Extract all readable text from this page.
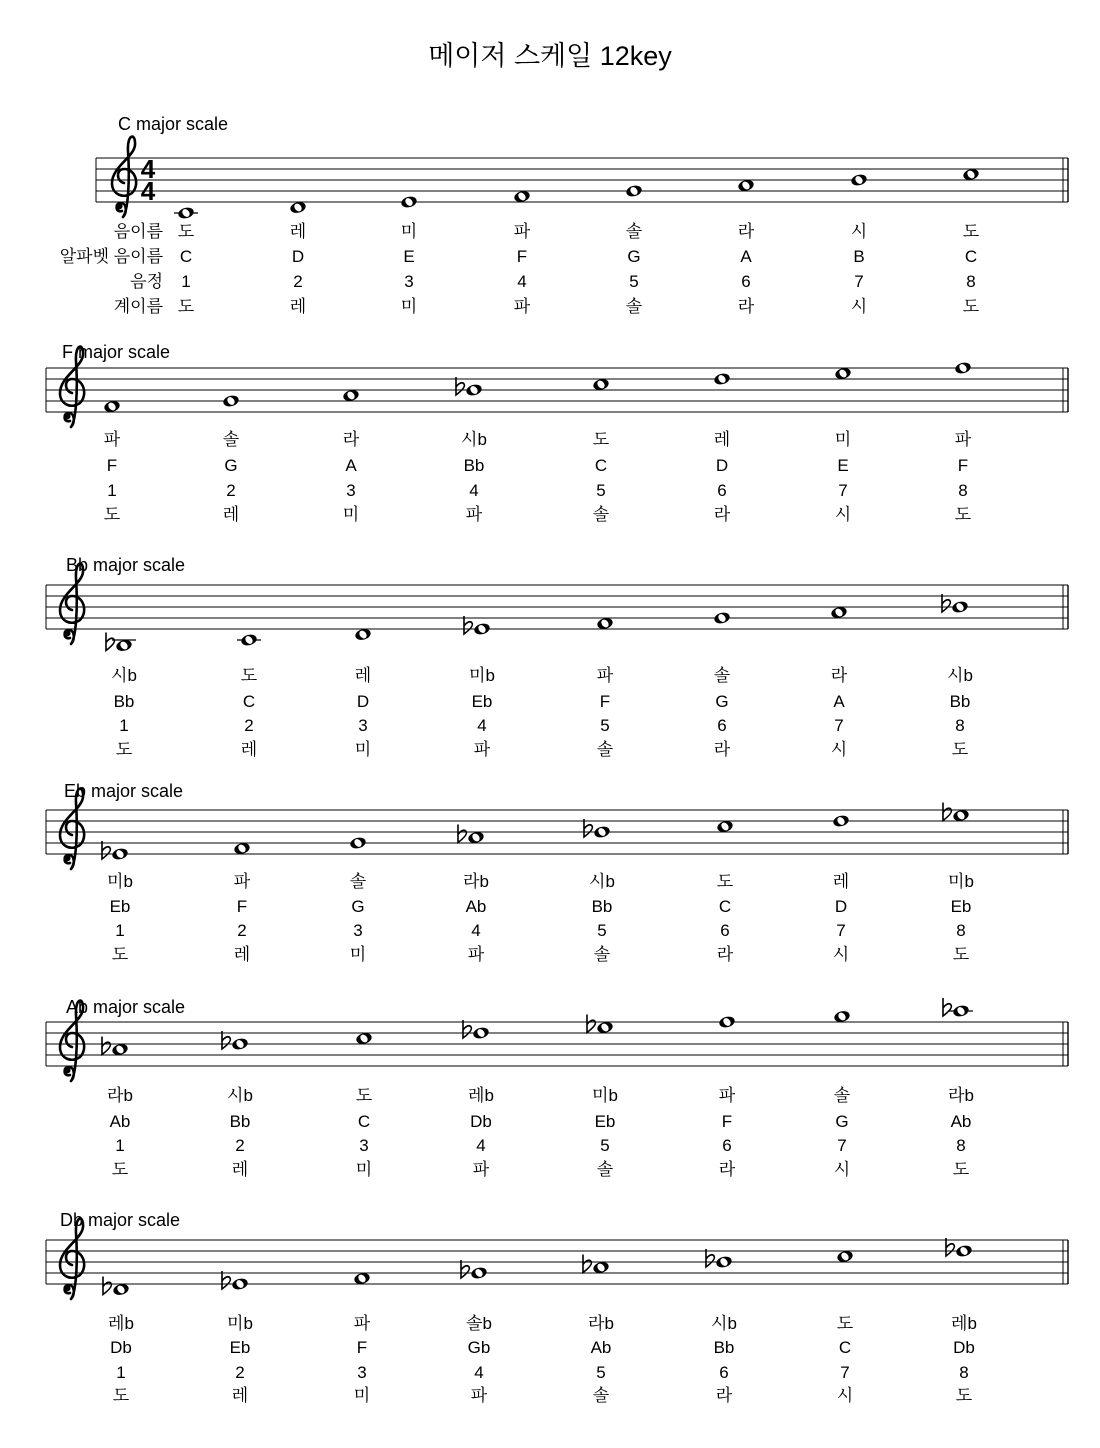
메이저 스케일 12key
C major scale
4
4
음이름
알파벳 음이름
음정
계이름
도
C
1
도
레
D
2
레
미
E
3
미
파
F
4
파
솔
G
5
솔
라
A
6
라
시
B
7
시
도
C
8
도
F major scale
파
F
1
도
솔
G
2
레
라
A
3
미
시b
Bb
4
파
도
C
5
솔
레
D
6
라
미
E
7
시
파
F
8
도
Bb major scale
시b
Bb
1
도
도
C
2
레
레
D
3
미
미b
Eb
4
파
파
F
5
솔
솔
G
6
라
라
A
7
시
시b
Bb
8
도
Eb major scale
미b
Eb
1
도
파
F
2
레
솔
G
3
미
라b
Ab
4
파
시b
Bb
5
솔
도
C
6
라
레
D
7
시
미b
Eb
8
도
Ab major scale
라b
Ab
1
도
시b
Bb
2
레
도
C
3
미
레b
Db
4
파
미b
Eb
5
솔
파
F
6
라
솔
G
7
시
라b
Ab
8
도
Db major scale
레b
Db
1
도
미b
Eb
2
레
파
F
3
미
솔b
Gb
4
파
라b
Ab
5
솔
시b
Bb
6
라
도
C
7
시
레b
Db
8
도
